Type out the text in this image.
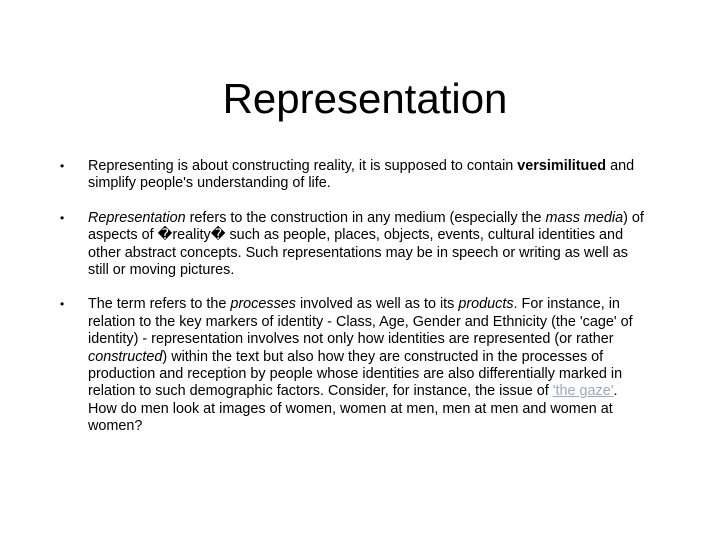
Representation
• Representing is about constructing reality, it is supposed to contain versimilitued and simplify people's understanding of life.
• Representation refers to the construction in any medium (especially the mass media) of aspects of �reality� such as people, places, objects, events, cultural identities and other abstract concepts. Such representations may be in speech or writing as well as still or moving pictures.
• The term refers to the processes involved as well as to its products. For instance, in relation to the key markers of identity - Class, Age, Gender and Ethnicity (the 'cage' of identity) - representation involves not only how identities are represented (or rather constructed) within the text but also how they are constructed in the processes of production and reception by people whose identities are also differentially marked in relation to such demographic factors. Consider, for instance, the issue of 'the gaze'. How do men look at images of women, women at men, men at men and women at women?
